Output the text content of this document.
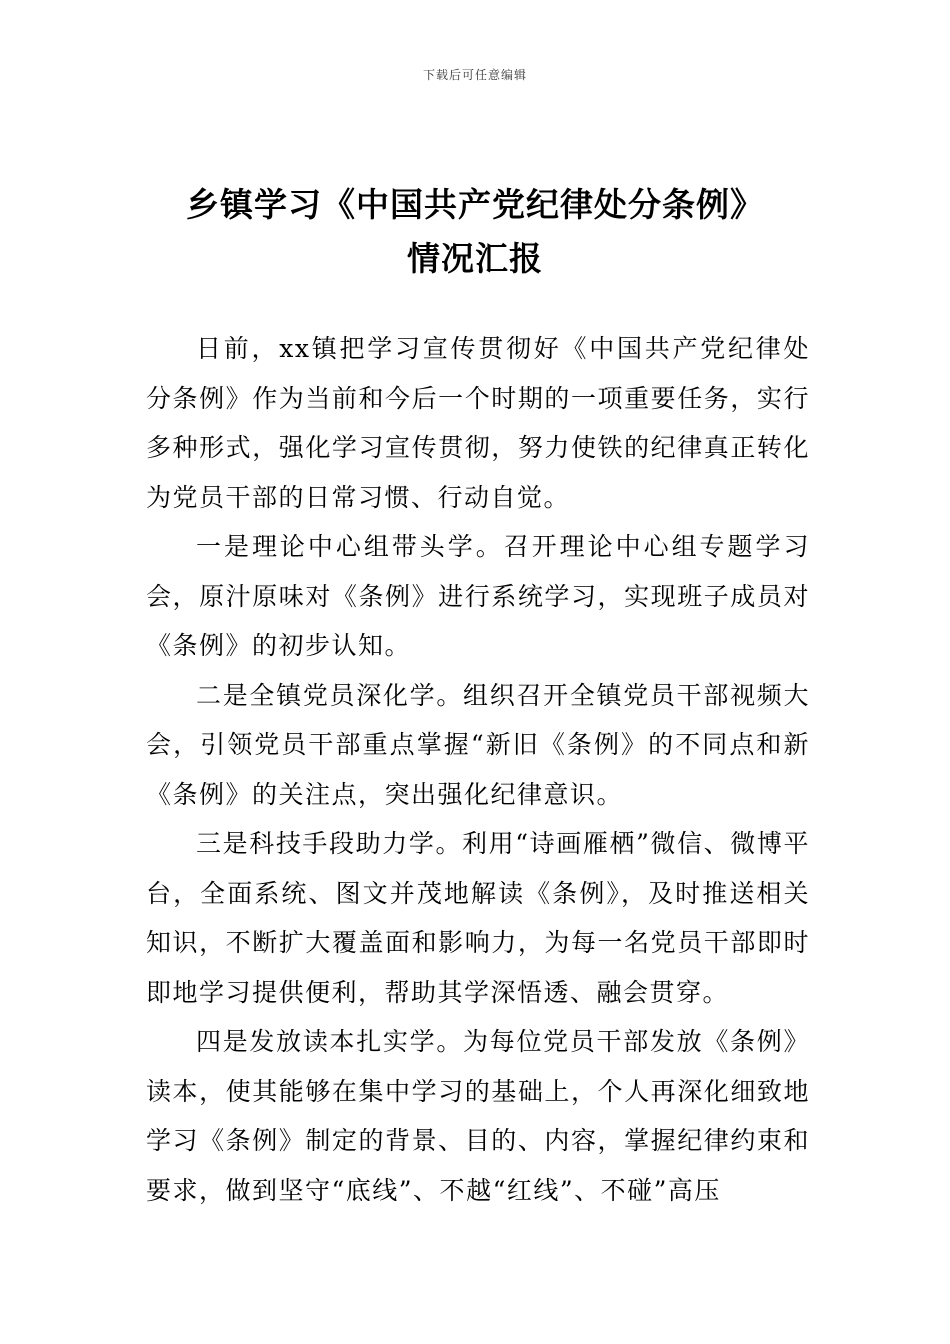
下载后可任意编辑
乡镇学习《中国共产党纪律处分条例》
情况汇报

日前，xx镇把学习宣传贯彻好《中国共产党纪律处分条例》作为当前和今后一个时期的一项重要任务，实行多种形式，强化学习宣传贯彻，努力使铁的纪律真正转化为党员干部的日常习惯、行动自觉。

一是理论中心组带头学。召开理论中心组专题学习会，原汁原味对《条例》进行系统学习，实现班子成员对《条例》的初步认知。

二是全镇党员深化学。组织召开全镇党员干部视频大会，引领党员干部重点掌握“新旧《条例》的不同点和新《条例》的关注点，突出强化纪律意识。

三是科技手段助力学。利用“诗画雁栖”微信、微博平台，全面系统、图文并茂地解读《条例》，及时推送相关知识，不断扩大覆盖面和影响力，为每一名党员干部即时即地学习提供便利，帮助其学深悟透、融会贯穿。

四是发放读本扎实学。为每位党员干部发放《条例》读本，使其能够在集中学习的基础上，个人再深化细致地学习《条例》制定的背景、目的、内容，掌握纪律约束和要求，做到坚守“底线”、不越“红线”、不碰”高压
